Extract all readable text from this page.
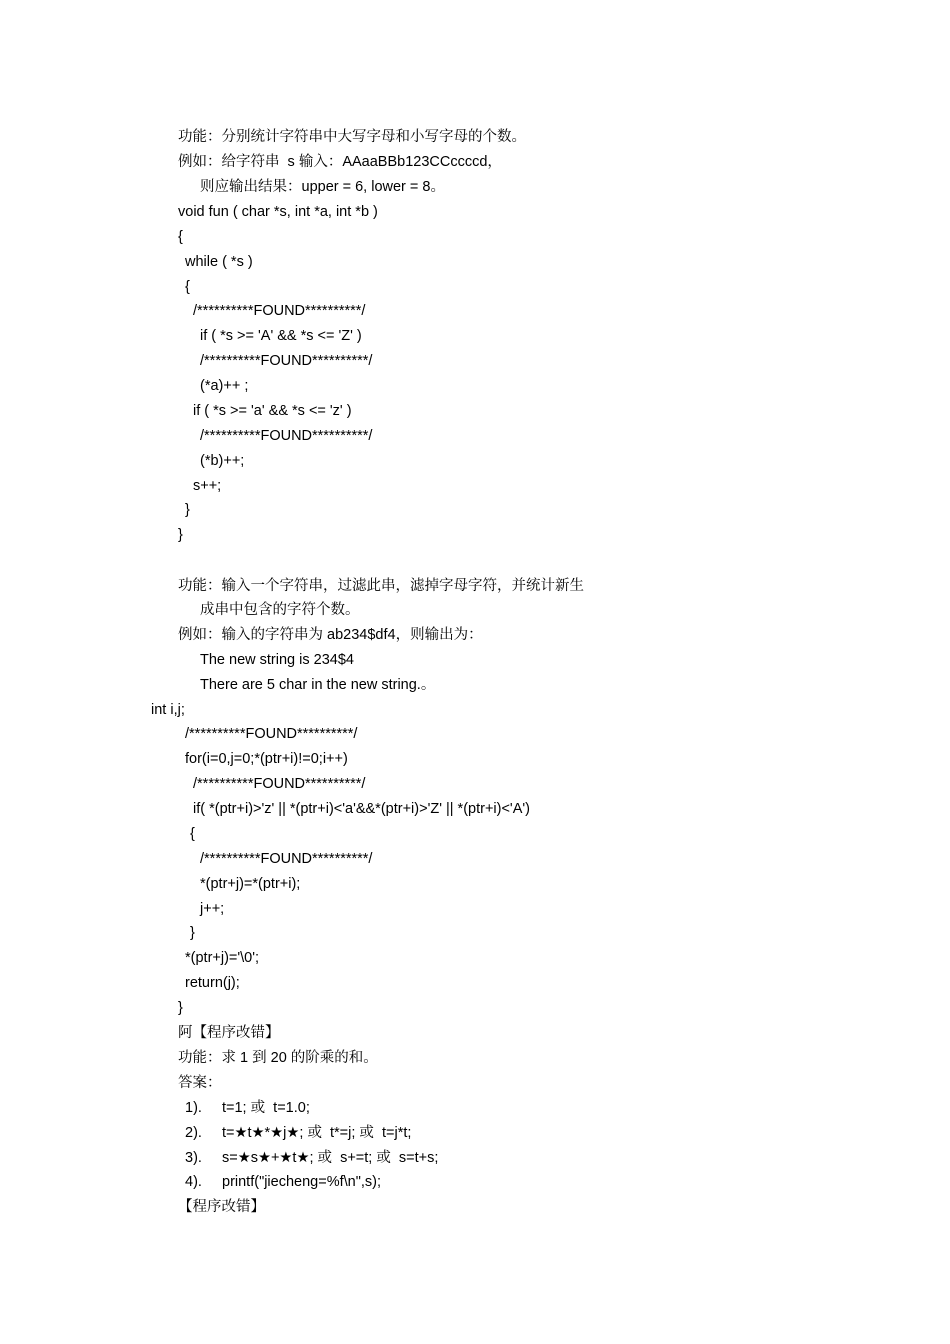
功能：分别统计字符串中大写字母和小写字母的个数。
例如：给字符串  s 输入：AAaaBBb123CCccccd，
则应输出结果：upper = 6, lower = 8。
void fun ( char *s, int *a, int *b )
{
while ( *s )
{
/**********FOUND**********/
if ( *s >= 'A' && *s <= 'Z' )
/**********FOUND**********/
(*a)++ ;
if ( *s >= 'a' && *s <= 'z' )
/**********FOUND**********/
(*b)++;
s++;
}
}
功能：输入一个字符串，过滤此串，滤掉字母字符，并统计新生
成串中包含的字符个数。
例如：输入的字符串为 ab234$df4，则输出为：
The new string is 234$4
There are 5 char in the new string.。
int i,j;
/**********FOUND**********/
for(i=0,j=0;*(ptr+i)!=0;i++)
/**********FOUND**********/
if( *(ptr+i)>'z' || *(ptr+i)<'a'&&*(ptr+i)>'Z' || *(ptr+i)<'A')
{
/**********FOUND**********/
*(ptr+j)=*(ptr+i);
j++;
}
*(ptr+j)='\0';
return(j);
}
阿【程序改错】
功能：求 1 到 20 的阶乘的和。
答案：
1). t=1; 或  t=1.0;
2). t=★t★*★j★; 或  t*=j; 或  t=j*t;
3). s=★s★+★t★; 或  s+=t; 或  s=t+s;
4). printf("jiecheng=%f\n",s);
【程序改错】
